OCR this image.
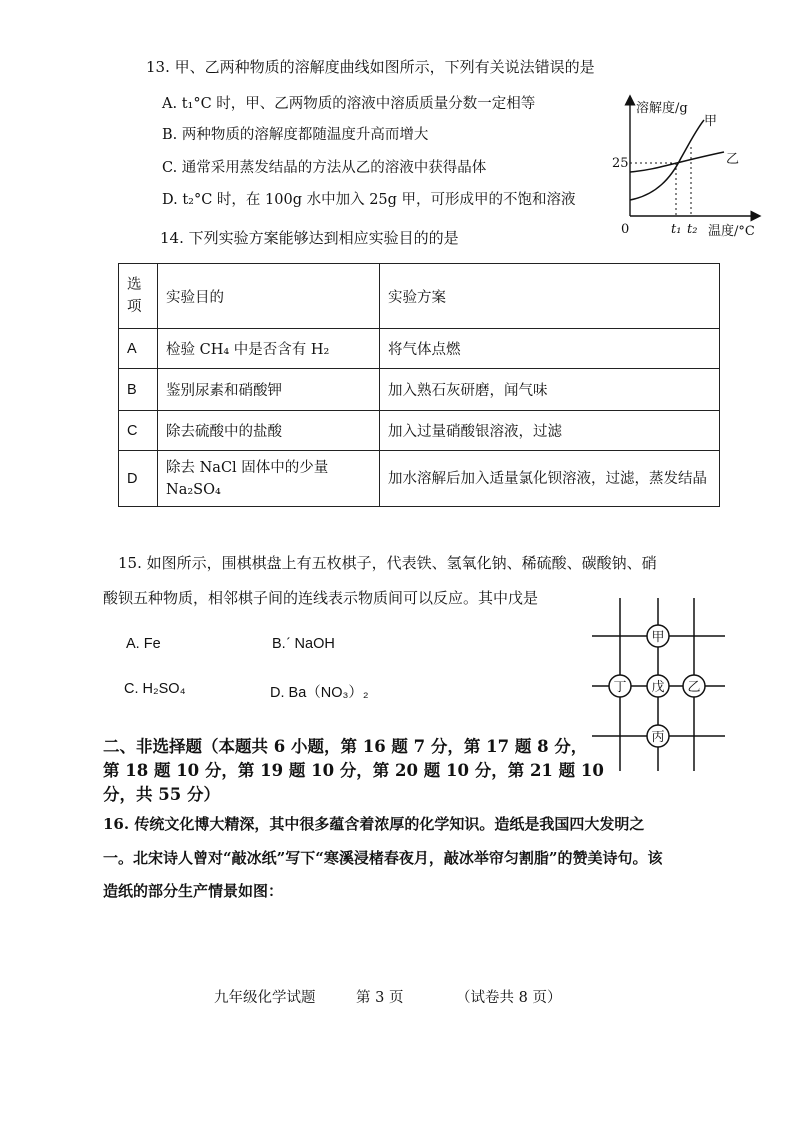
13. 甲、乙两种物质的溶解度曲线如图所示，下列有关说法错误的是
A. t₁°C 时，甲、乙两物质的溶液中溶质质量分数一定相等
B. 两种物质的溶解度都随温度升高而增大
C. 通常采用蒸发结晶的方法从乙的溶液中获得晶体
D. t₂°C 时，在 100g 水中加入 25g 甲，可形成甲的不饱和溶液
溶解度/g
甲
乙
25
0	t₁ t₂ 温度/°C
14. 下列实验方案能够达到相应实验目的的是
选项	实验目的	实验方案
A	检验 CH₄ 中是否含有 H₂	将气体点燃
B	鉴别尿素和硝酸钾	加入熟石灰研磨，闻气味
C	除去硫酸中的盐酸	加入过量硝酸银溶液，过滤
D	除去 NaCl 固体中的少量 Na₂SO₄	加水溶解后加入适量氯化钡溶液，过滤，蒸发结晶
15. 如图所示，围棋棋盘上有五枚棋子，代表铁、氢氧化钠、稀硫酸、碳酸钠、硝
酸钡五种物质，相邻棋子间的连线表示物质间可以反应。其中戊是
A. Fe	B.ˊ NaOH
C. H₂SO₄	D. Ba（NO₃）₂
甲
丁 戊 乙
丙
二、非选择题（本题共 6 小题，第 16 题 7 分，第 17 题 8 分，
第 18 题 10 分，第 19 题 10 分，第 20 题 10 分，第 21 题 10
分，共 55 分）
16. 传统文化博大精深，其中很多蕴含着浓厚的化学知识。造纸是我国四大发明之
一。北宋诗人曾对“敲冰纸”写下“寒溪浸楮春夜月，敲冰举帘匀割脂”的赞美诗句。该
造纸的部分生产情景如图：
九年级化学试题	第 3 页	（试卷共 8 页）
